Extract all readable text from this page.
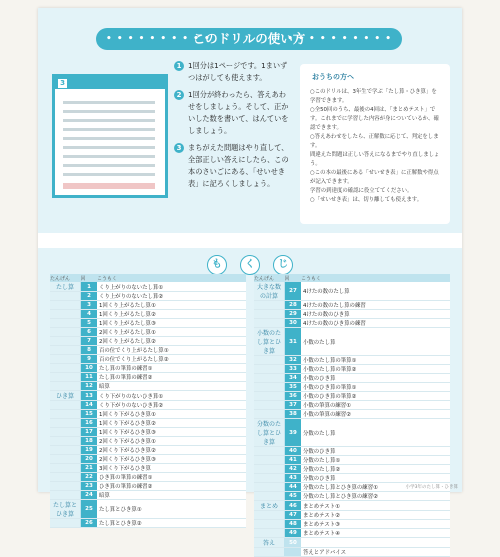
• • • • • • • • • •
このドリルの使い方
• • • • • • • • • •
3
1 1回分は1ページです。1まいずつはがしても使えます。
2 1回分が終わったら、答えあわせをしましょう。そして、正かいした数を書いて、はんていをしましょう。
3 まちがえた問題はやり直して、全部正しい答えにしたら、この本のさいごにある、「せいせき表」に記ろくしましょう。
おうちの方へ
○このドリルは、3年生で学ぶ「たし算・ひき算」を学習できます。
○全50回のうち、最後の4回は、「まとめテスト」です。これまでに学習した内容が身についているか、確認できます。
○答えあわせをしたら、正解数に応じて、判定をします。
間違えた問題は正しい答えになるまでやり直しましょう。
○この本の最後にある「せいせき表」に正解数や得点が記入できます。
学習の到達度の確認に役立ててください。
○「せいせき表」は、切り離しても使えます。
も く じ
たんげん	回	こうもく
たし算	1	くり上がりのないたし算①
	2	くり上がりのないたし算②
	3	1回くり上がるたし算①
	4	1回くり上がるたし算②
	5	1回くり上がるたし算③
	6	2回くり上がるたし算①
	7	2回くり上がるたし算②
	8	百の位でくり上がるたし算①
	9	百の位でくり上がるたし算②
	10	たし算の筆算の練習①
	11	たし算の筆算の練習②
	12	暗算
ひき算	13	くり下がりのないひき算①
	14	くり下がりのないひき算②
	15	1回くり下がるひき算①
	16	1回くり下がるひき算②
	17	1回くり下がるひき算③
	18	2回くり下がるひき算①
	19	2回くり下がるひき算②
	20	2回くり下がるひき算③
	21	3回くり下がるひき算
	22	ひき算の筆算の練習①
	23	ひき算の筆算の練習②
	24	暗算
たし算とひき算	25	たし算とひき算①
	26	たし算とひき算②
たんげん	回	こうもく
大きな数の計算	27	4けたの数のたし算
	28	4けたの数のたし算の練習
	29	4けたの数のひき算
	30	4けたの数のひき算の練習
小数のたし算とひき算	31	小数のたし算
	32	小数のたし算の筆算①
	33	小数のたし算の筆算②
	34	小数のひき算
	35	小数のひき算の筆算①
	36	小数のひき算の筆算②
	37	小数の筆算の練習①
	38	小数の筆算の練習②
分数のたし算とひき算	39	分数のたし算
	40	分数のひき算
	41	分数のたし算①
	42	分数のたし算②
	43	分数のひき算
	44	分数のたし算とひき算の練習①
	45	分数のたし算とひき算の練習②
まとめ	46	まとめテスト①
	47	まとめテスト②
	48	まとめテスト③
	49	まとめテスト④
答え	50	
		答えとアドバイス
小学3年のたし算・ひき算
